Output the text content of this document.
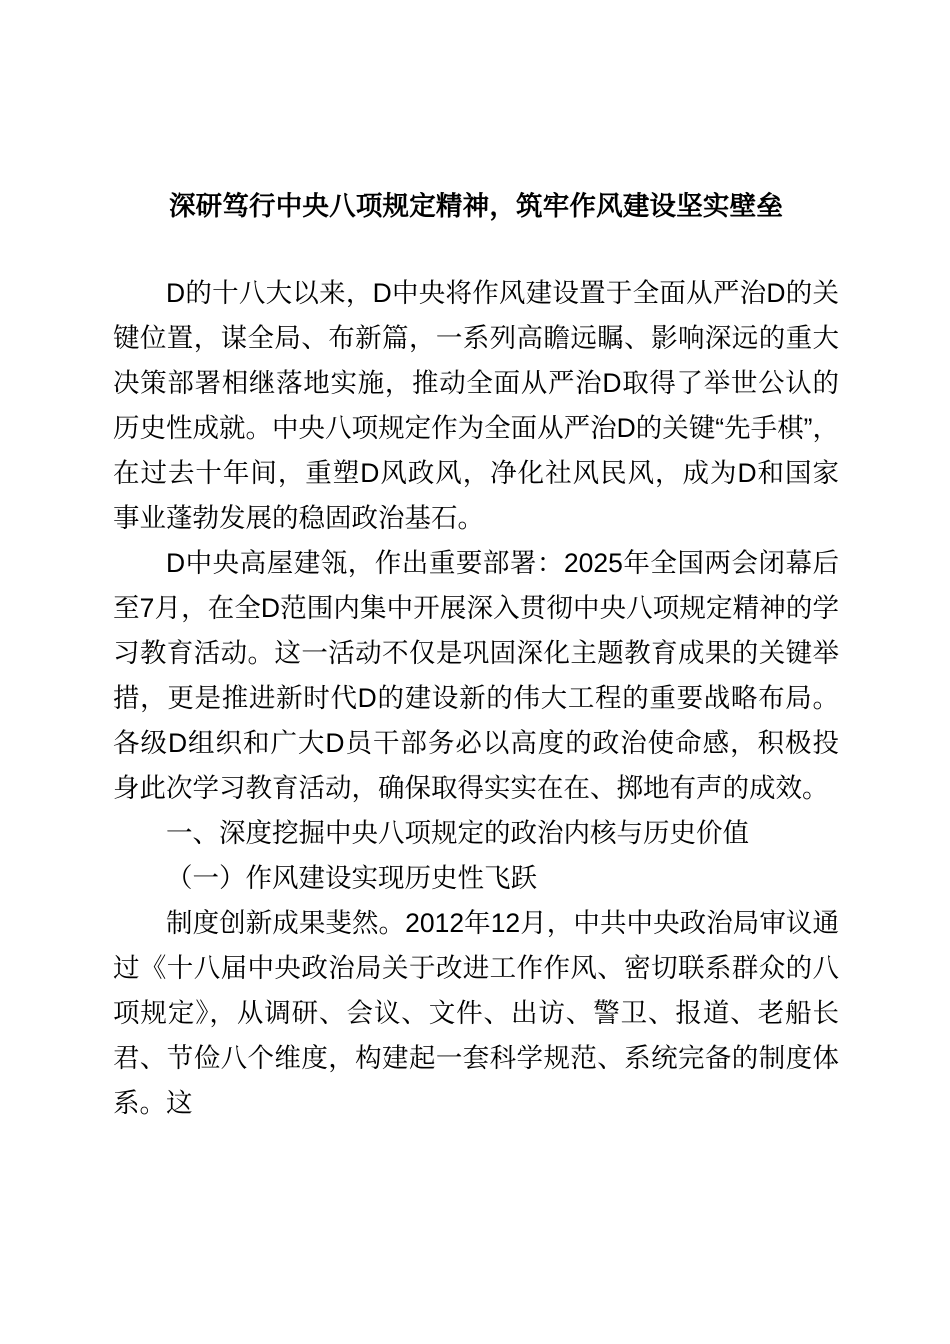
深研笃行中央八项规定精神，筑牢作风建设坚实壁垒

D的十八大以来，D中央将作风建设置于全面从严治D的关键位置，谋全局、布新篇，一系列高瞻远瞩、影响深远的重大决策部署相继落地实施，推动全面从严治D取得了举世公认的历史性成就。中央八项规定作为全面从严治D的关键“先手棋”，在过去十年间，重塑D风政风，净化社风民风，成为D和国家事业蓬勃发展的稳固政治基石。

D中央高屋建瓴，作出重要部署：2025年全国两会闭幕后至7月，在全D范围内集中开展深入贯彻中央八项规定精神的学习教育活动。这一活动不仅是巩固深化主题教育成果的关键举措，更是推进新时代D的建设新的伟大工程的重要战略布局。各级D组织和广大D员干部务必以高度的政治使命感，积极投身此次学习教育活动，确保取得实实在在、掷地有声的成效。

一、深度挖掘中央八项规定的政治内核与历史价值

（一）作风建设实现历史性飞跃

制度创新成果斐然。2012年12月，中共中央政治局审议通过《十八届中央政治局关于改进工作作风、密切联系群众的八项规定》，从调研、会议、文件、出访、警卫、报道、老船长君、节俭八个维度，构建起一套科学规范、系统完备的制度体系。这
